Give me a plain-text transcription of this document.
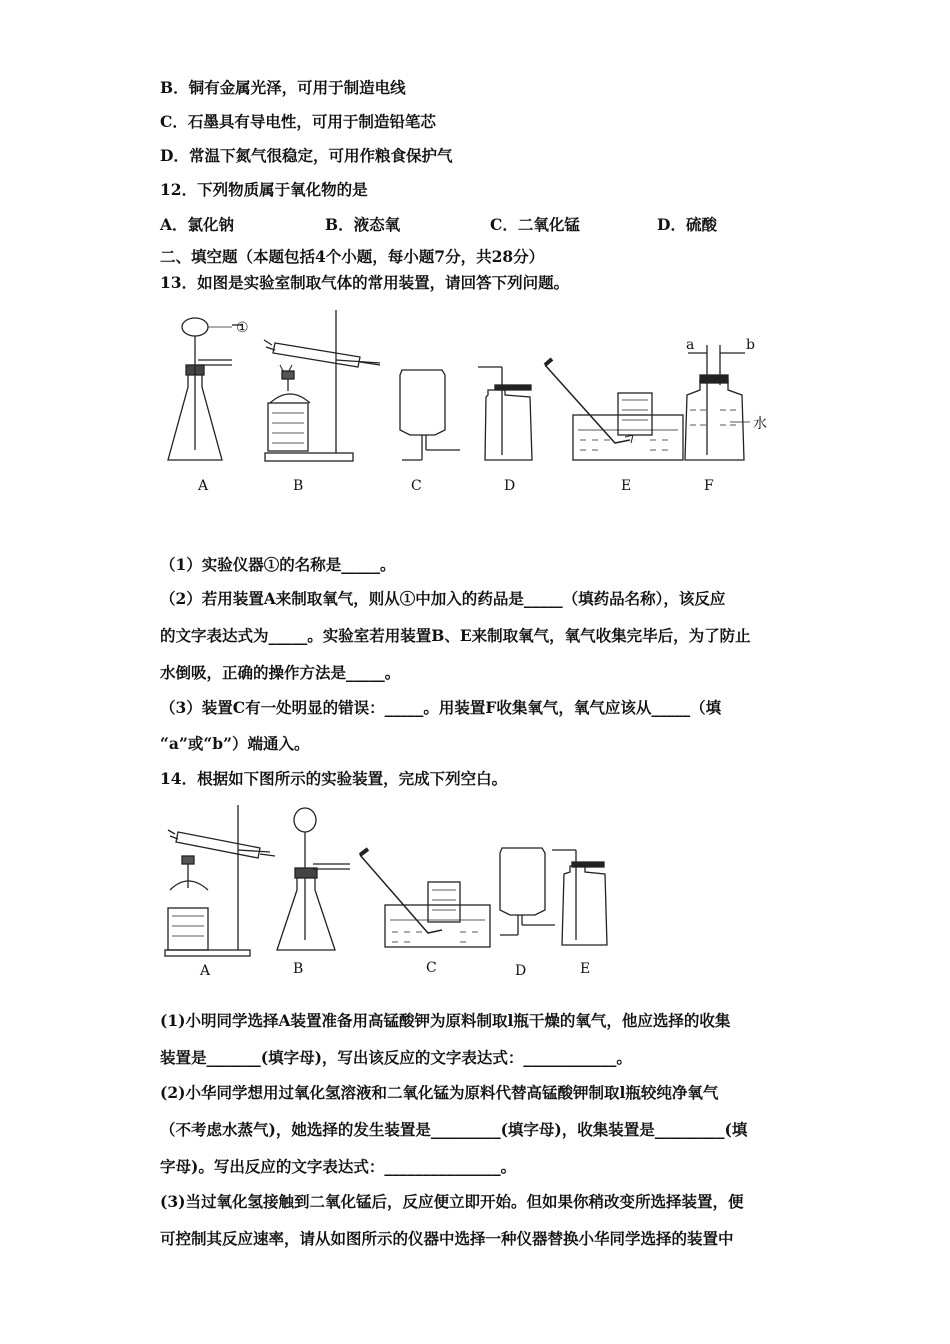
B．铜有金属光泽，可用于制造电线
C．石墨具有导电性，可用于制造铅笔芯
D．常温下氮气很稳定，可用作粮食保护气
12．下列物质属于氧化物的是
A．氯化钠	B．液态氧	C．二氧化锰	D．硫酸
二、填空题（本题包括4个小题，每小题7分，共28分）
13．如图是实验室制取气体的常用装置，请回答下列问题。
①
a	b
水
A	B	C	D	E	F
（1）实验仪器①的名称是_____。
（2）若用装置A来制取氧气，则从①中加入的药品是_____（填药品名称），该反应
的文字表达式为_____。实验室若用装置B、E来制取氧气，氧气收集完毕后，为了防止
水倒吸，正确的操作方法是_____。
（3）装置C有一处明显的错误：_____。用装置F收集氧气，氧气应该从_____（填
“a”或“b”）端通入。
14．根据如下图所示的实验装置，完成下列空白。
A	B	C	D	E
(1)小明同学选择A装置准备用高锰酸钾为原料制取l瓶干燥的氧气，他应选择的收集
装置是_______(填字母)，写出该反应的文字表达式：____________。
(2)小华同学想用过氧化氢溶液和二氧化锰为原料代替高锰酸钾制取l瓶较纯净氧气
（不考虑水蒸气)，她选择的发生装置是_________(填字母)，收集装置是_________(填
字母)。写出反应的文字表达式：_______________。
(3)当过氧化氢接触到二氧化锰后，反应便立即开始。但如果你稍改变所选择装置，便
可控制其反应速率，请从如图所示的仪器中选择一种仪器替换小华同学选择的装置中
